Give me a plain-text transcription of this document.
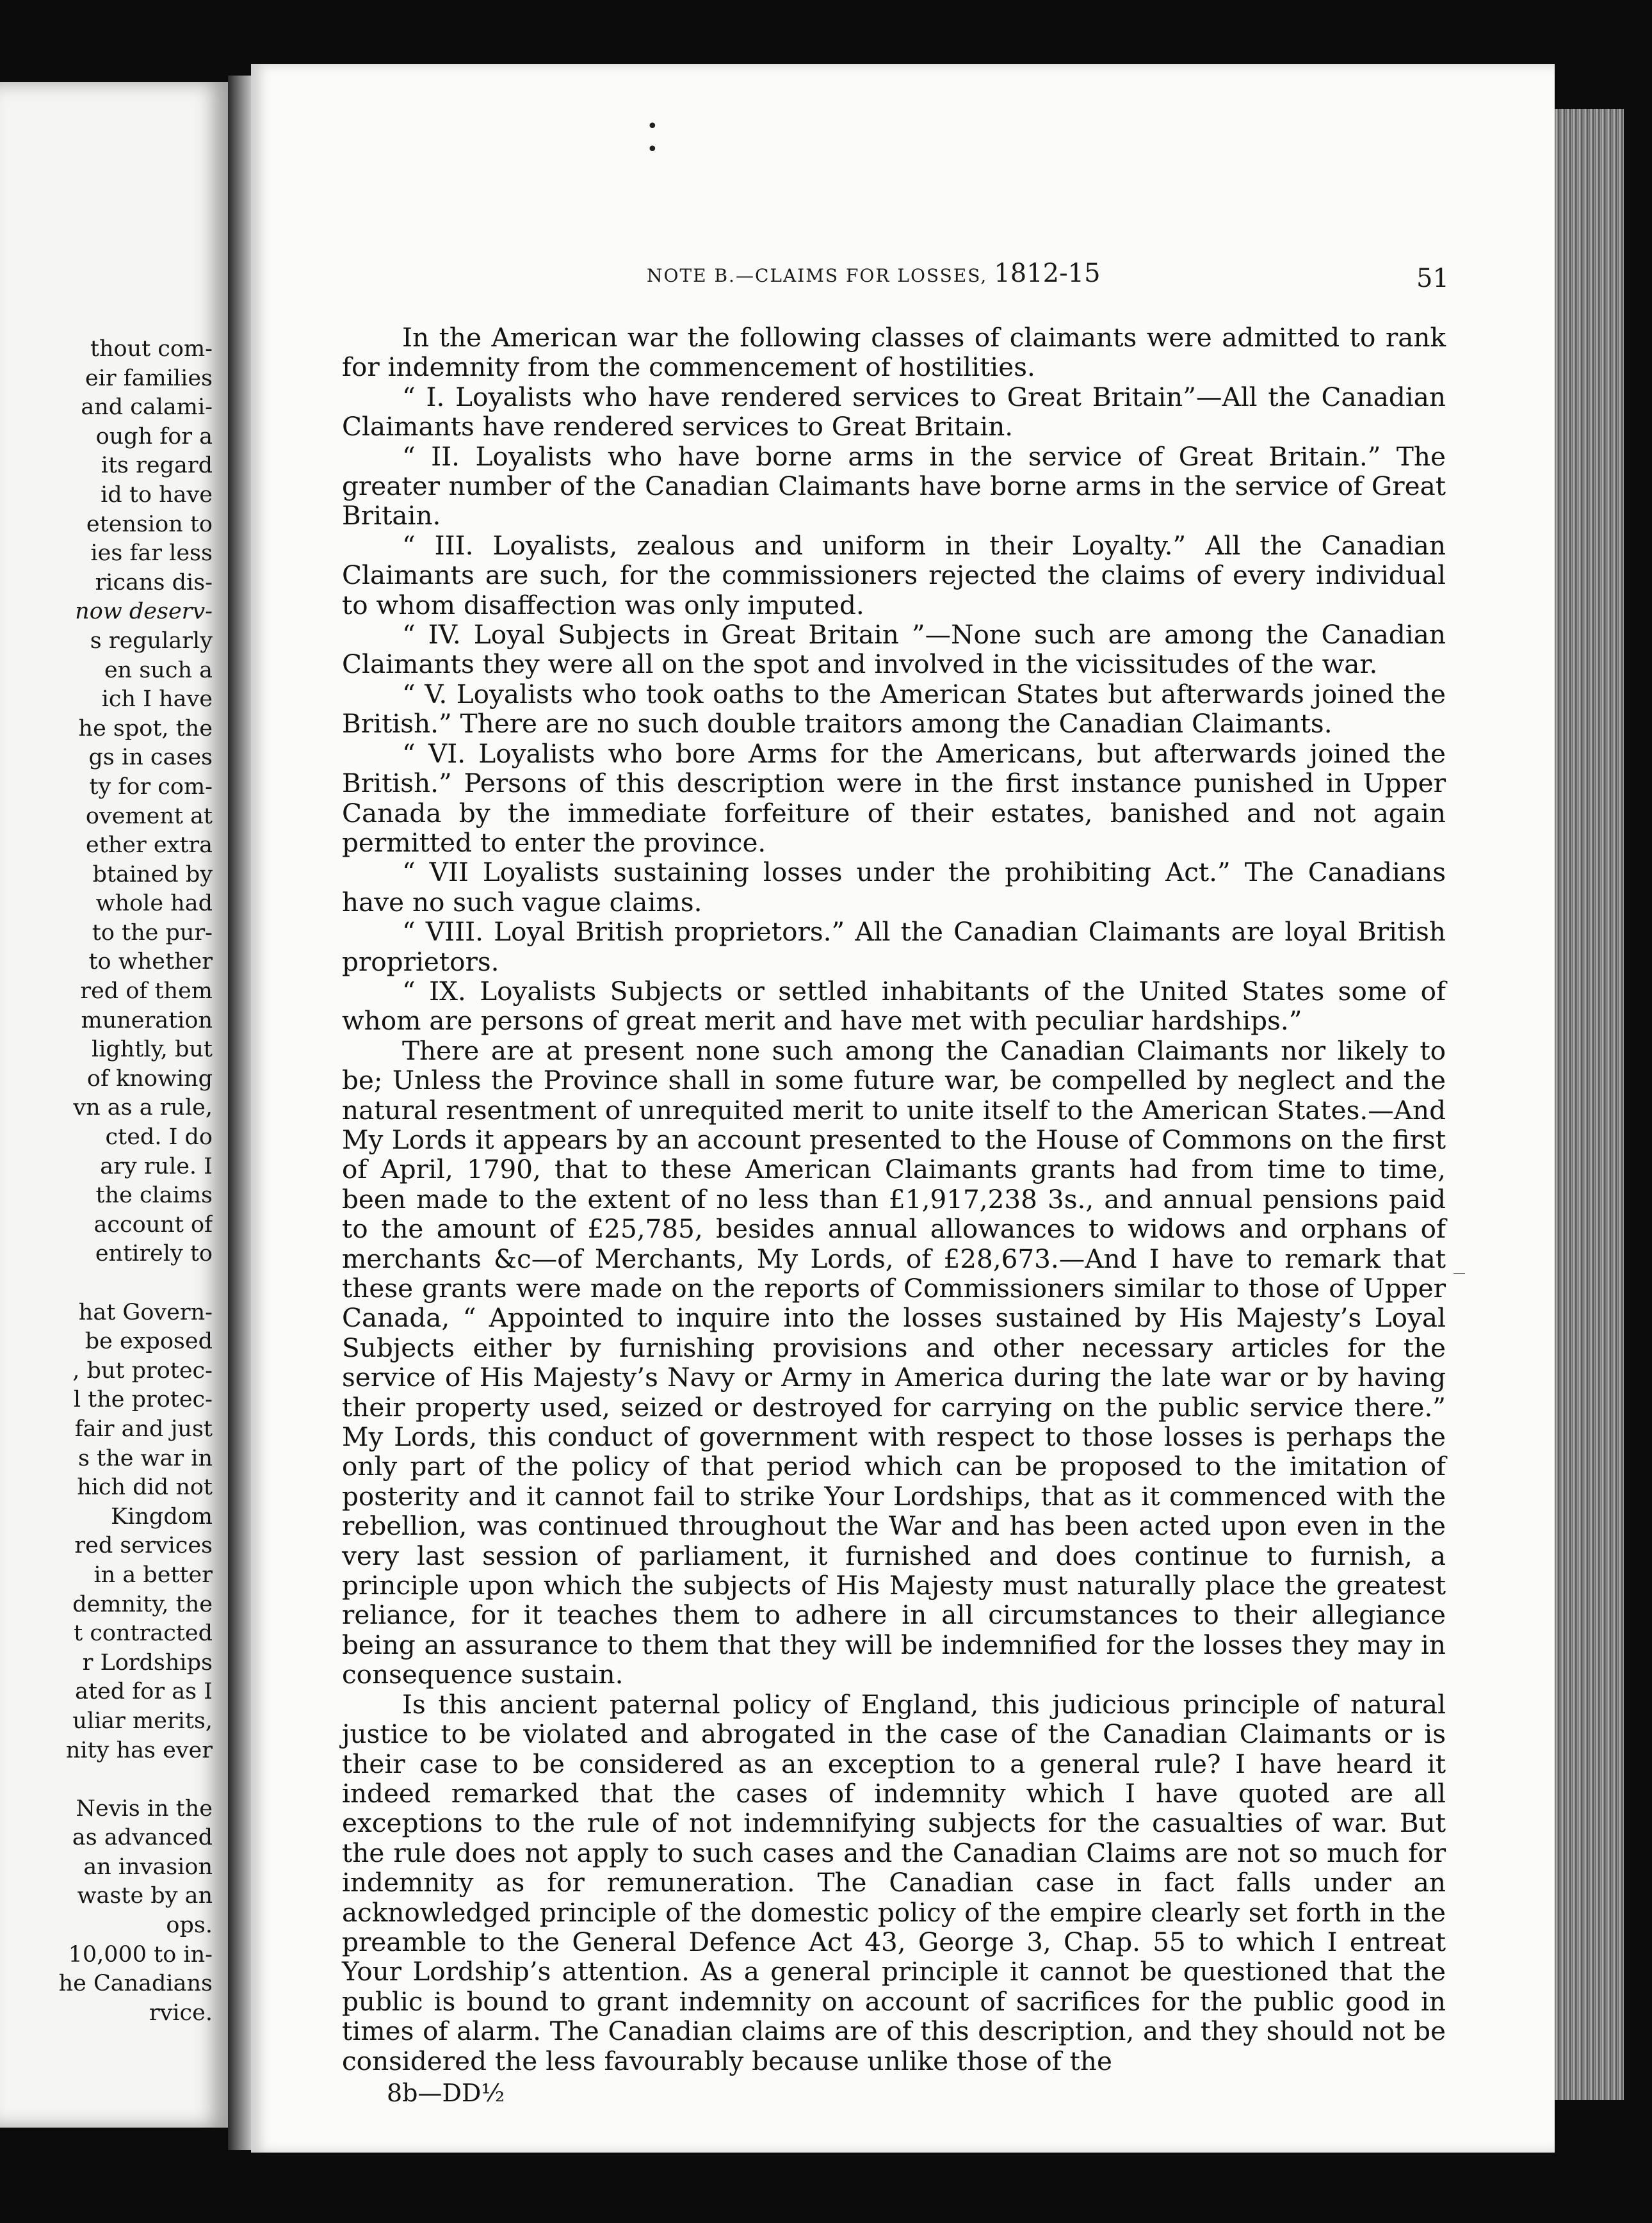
thout com-
eir families
and calami-
ough for a
its regard
id to have
etension to
ies far less
ricans dis-
now deserv-
s regularly
en such a
ich I have
he spot, the
gs in cases
ty for com-
ovement at
ether extra
btained by
whole had
to the pur-
to whether
red of them
muneration
lightly, but
of knowing
vn as a rule,
cted. I do
ary rule. I
the claims
account of
entirely to
hat Govern-
be exposed
, but protec-
l the protec-
fair and just
s the war in
hich did not
Kingdom
red services
in a better
demnity, the
t contracted
r Lordships
ated for as I
uliar merits,
nity has ever
Nevis in the
as advanced
an invasion
waste by an
ops.
10,000 to in-
he Canadians
rvice.
•
•
NOTE B.—CLAIMS FOR LOSSES, 1812-15	51

In the American war the following classes of claimants were admitted to rank for indemnity from the commencement of hostilities.

“ I. Loyalists who have rendered services to Great Britain”—All the Canadian Claimants have rendered services to Great Britain.

“ II. Loyalists who have borne arms in the service of Great Britain.” The greater number of the Canadian Claimants have borne arms in the service of Great Britain.

“ III. Loyalists, zealous and uniform in their Loyalty.” All the Canadian Claimants are such, for the commissioners rejected the claims of every individual to whom disaffection was only imputed.

“ IV. Loyal Subjects in Great Britain ”—None such are among the Canadian Claimants they were all on the spot and involved in the vicissitudes of the war.

“ V. Loyalists who took oaths to the American States but afterwards joined the British.” There are no such double traitors among the Canadian Claimants.

“ VI. Loyalists who bore Arms for the Americans, but afterwards joined the British.” Persons of this description were in the first instance punished in Upper Canada by the immediate forfeiture of their estates, banished and not again permitted to enter the province.

“ VII Loyalists sustaining losses under the prohibiting Act.” The Canadians have no such vague claims.

“ VIII. Loyal British proprietors.” All the Canadian Claimants are loyal British proprietors.

“ IX. Loyalists Subjects or settled inhabitants of the United States some of whom are persons of great merit and have met with peculiar hardships.”

There are at present none such among the Canadian Claimants nor likely to be; Unless the Province shall in some future war, be compelled by neglect and the natural resentment of unrequited merit to unite itself to the American States.—And My Lords it appears by an account presented to the House of Commons on the first of April, 1790, that to these American Claimants grants had from time to time, been made to the extent of no less than £1,917,238 3s., and annual pensions paid to the amount of £25,785, besides annual allowances to widows and orphans of merchants &c—of Merchants, My Lords, of £28,673.—And I have to remark that these grants were made on the reports of Commissioners similar to those of Upper Canada, “ Appointed to inquire into the losses sustained by His Majesty’s Loyal Subjects either by furnishing provisions and other necessary articles for the service of His Majesty’s Navy or Army in America during the late war or by having their property used, seized or destroyed for carrying on the public service there.” My Lords, this conduct of government with respect to those losses is perhaps the only part of the policy of that period which can be proposed to the imitation of posterity and it cannot fail to strike Your Lordships, that as it commenced with the rebellion, was continued throughout the War and has been acted upon even in the very last session of parliament, it furnished and does continue to furnish, a principle upon which the subjects of His Majesty must naturally place the greatest reliance, for it teaches them to adhere in all circumstances to their allegiance being an assurance to them that they will be indemnified for the losses they may in consequence sustain.

Is this ancient paternal policy of England, this judicious principle of natural justice to be violated and abrogated in the case of the Canadian Claimants or is their case to be considered as an exception to a general rule? I have heard it indeed remarked that the cases of indemnity which I have quoted are all exceptions to the rule of not indemnifying subjects for the casualties of war. But the rule does not apply to such cases and the Canadian Claims are not so much for indemnity as for remuneration. The Canadian case in fact falls under an acknowledged principle of the domestic policy of the empire clearly set forth in the preamble to the General Defence Act 43, George 3, Chap. 55 to which I entreat Your Lordship’s attention. As a general principle it cannot be questioned that the public is bound to grant indemnity on account of sacrifices for the public good in times of alarm. The Canadian claims are of this description, and they should not be considered the less favourably because unlike those of the

8b—DD½
